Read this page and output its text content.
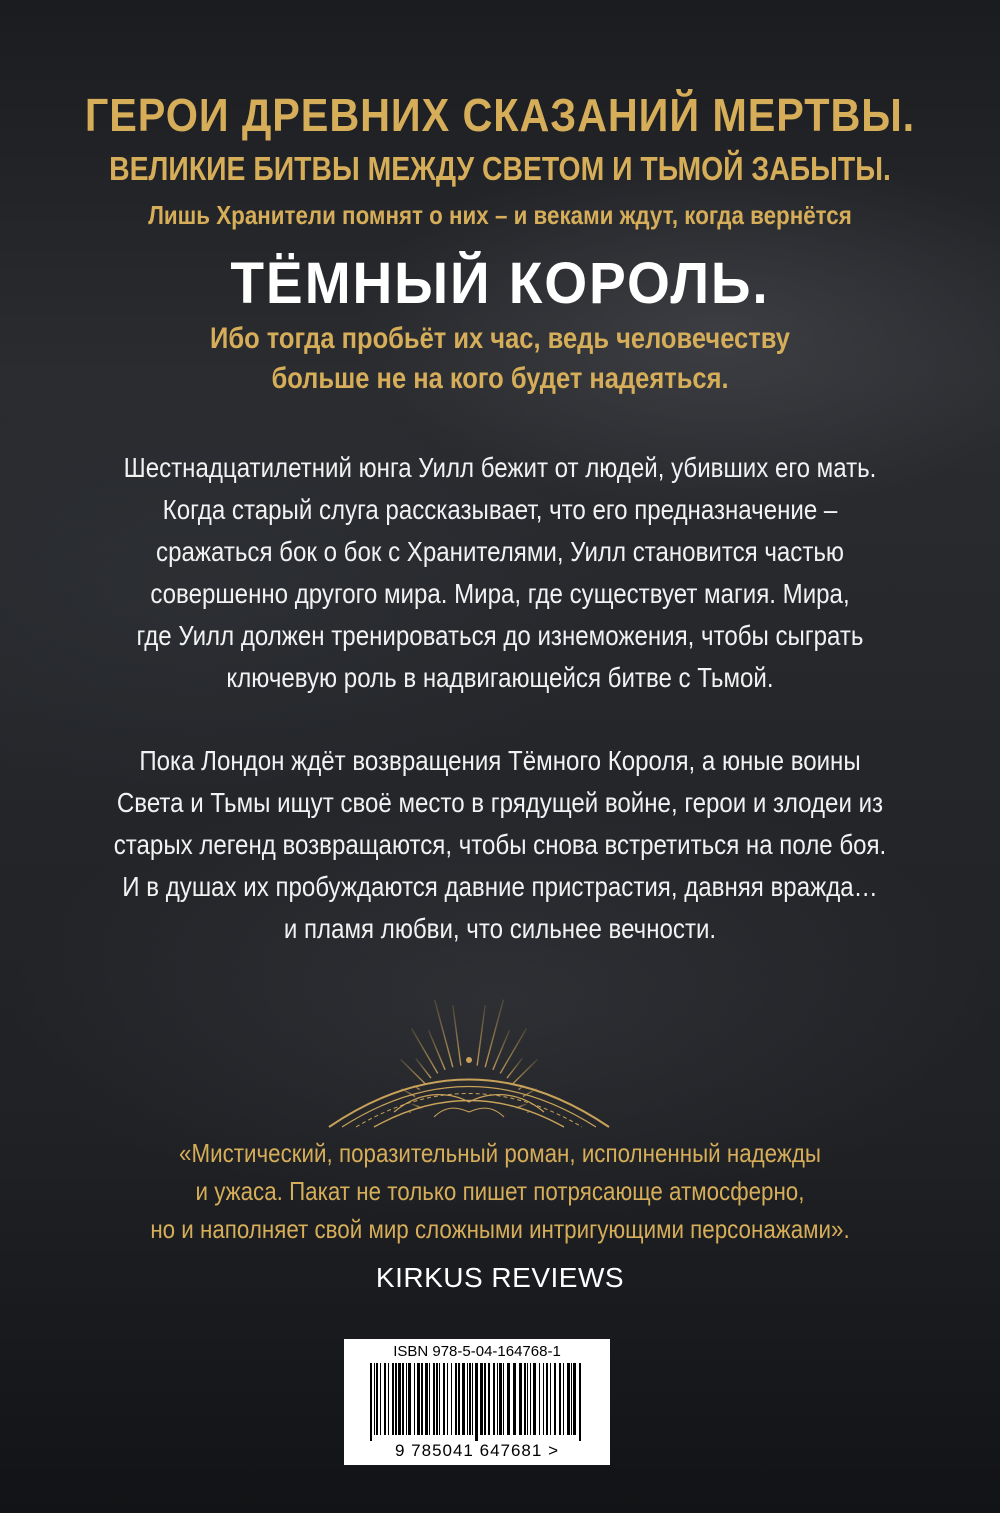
ГЕРОИ ДРЕВНИХ СКАЗАНИЙ МЕРТВЫ.
ВЕЛИКИЕ БИТВЫ МЕЖДУ СВЕТОМ И ТЬМОЙ ЗАБЫТЫ.
Лишь Хранители помнят о них – и веками ждут, когда вернётся
ТЁМНЫЙ КОРОЛЬ.
Ибо тогда пробьёт их час, ведь человечеству
больше не на кого будет надеяться.
Шестнадцатилетний юнга Уилл бежит от людей, убивших его мать.
Когда старый слуга рассказывает, что его предназначение –
сражаться бок о бок с Хранителями, Уилл становится частью
совершенно другого мира. Мира, где существует магия. Мира,
где Уилл должен тренироваться до изнеможения, чтобы сыграть
ключевую роль в надвигающейся битве с Тьмой.
Пока Лондон ждёт возвращения Тёмного Короля, а юные воины
Света и Тьмы ищут своё место в грядущей войне, герои и злодеи из
старых легенд возвращаются, чтобы снова встретиться на поле боя.
И в душах их пробуждаются давние пристрастия, давняя вражда…
и пламя любви, что сильнее вечности.
«Мистический, поразительный роман, исполненный надежды
и ужаса. Пакат не только пишет потрясающе атмосферно,
но и наполняет свой мир сложными интригующими персонажами».
KIRKUS REVIEWS
ISBN 978-5-04-164768-1
9 785041 647681 >
